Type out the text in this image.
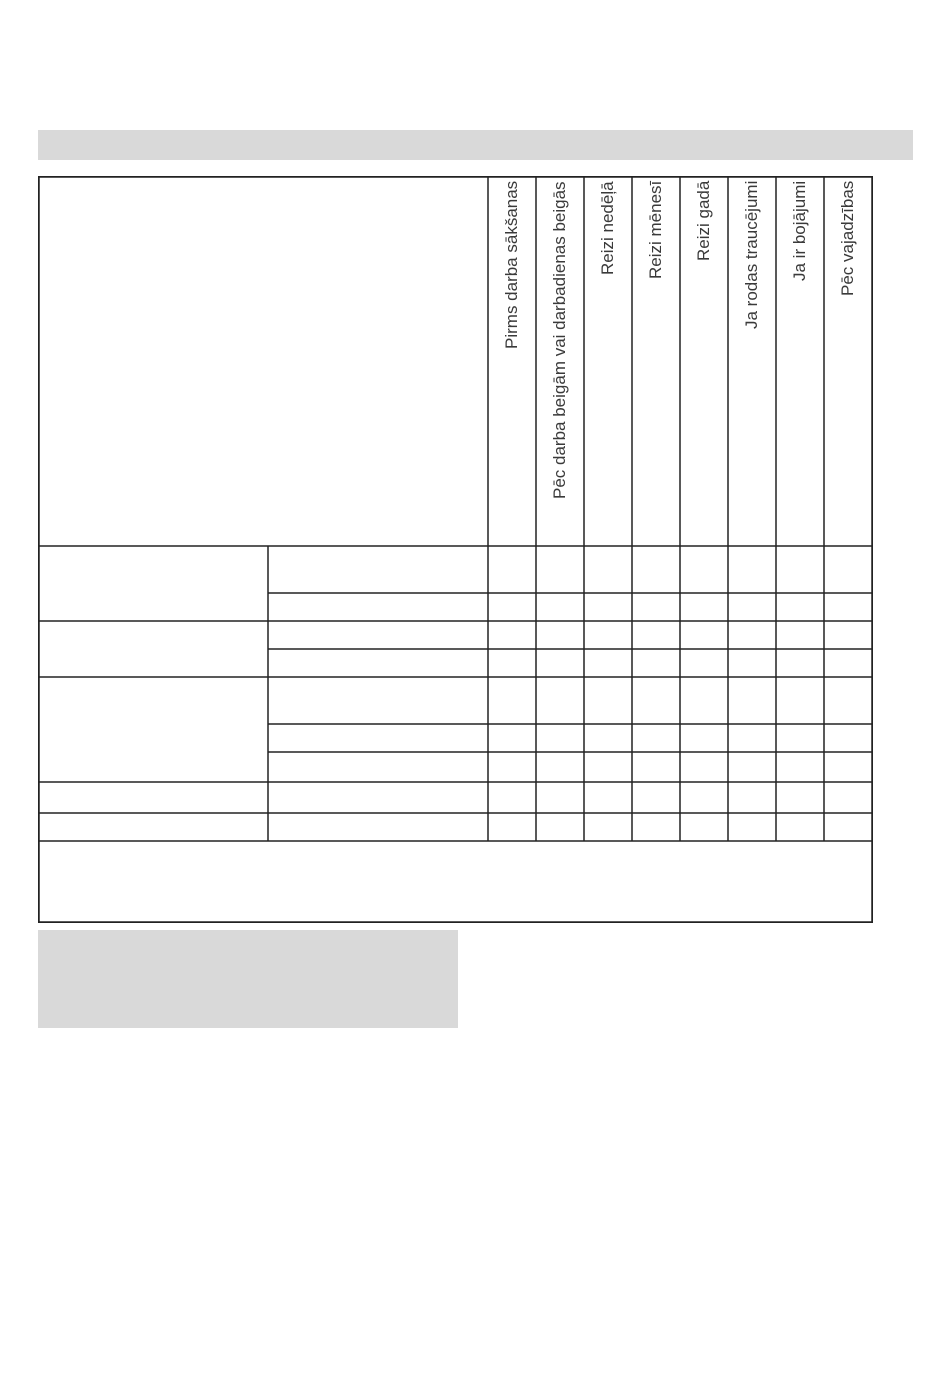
Pirms darba sākšanas Pēc darba beigām vai darbadienas beigās Reizi nedēļā Reizi mēnesī Reizi gadā Ja rodas traucējumi Ja ir bojājumi Pēc vajadzības
